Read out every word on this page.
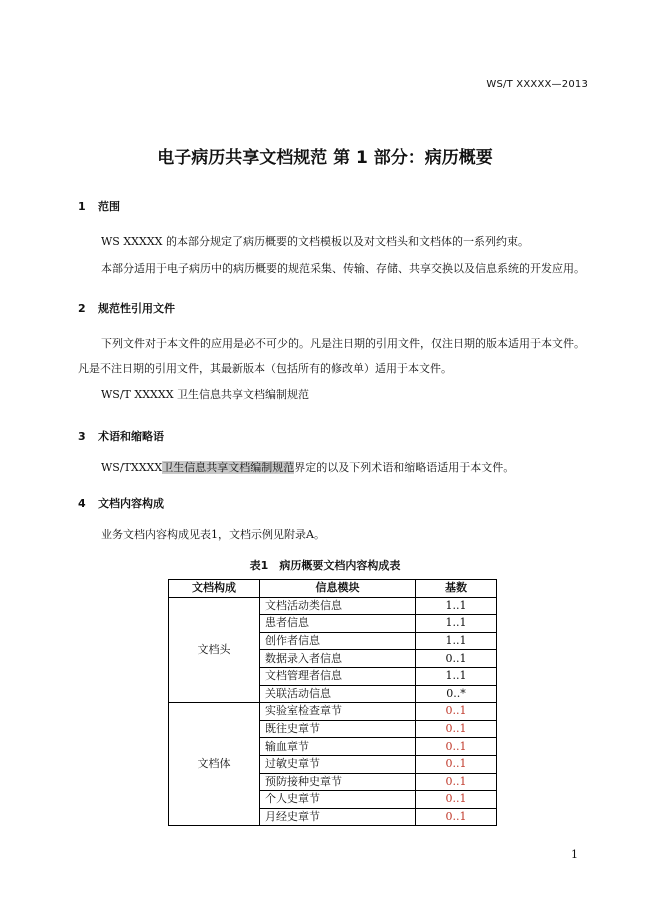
WS/T XXXXX—2013
电子病历共享文档规范 第 1 部分：病历概要
1 范围
WS XXXXX 的本部分规定了病历概要的文档模板以及对文档头和文档体的一系列约束。
本部分适用于电子病历中的病历概要的规范采集、传输、存储、共享交换以及信息系统的开发应用。
2 规范性引用文件
下列文件对于本文件的应用是必不可少的。凡是注日期的引用文件，仅注日期的版本适用于本文件。
凡是不注日期的引用文件，其最新版本（包括所有的修改单）适用于本文件。
WS/T XXXXX 卫生信息共享文档编制规范
3 术语和缩略语
WS/TXXXX卫生信息共享文档编制规范界定的以及下列术语和缩略语适用于本文件。
4 文档内容构成
业务文档内容构成见表1，文档示例见附录A。
表1　病历概要文档内容构成表
文档构成	信息模块	基数
文档头	文档活动类信息	1..1
	患者信息	1..1
	创作者信息	1..1
	数据录入者信息	0..1
	文档管理者信息	1..1
	关联活动信息	0..*
文档体	实验室检查章节	0..1
	既往史章节	0..1
	输血章节	0..1
	过敏史章节	0..1
	预防接种史章节	0..1
	个人史章节	0..1
	月经史章节	0..1
1
